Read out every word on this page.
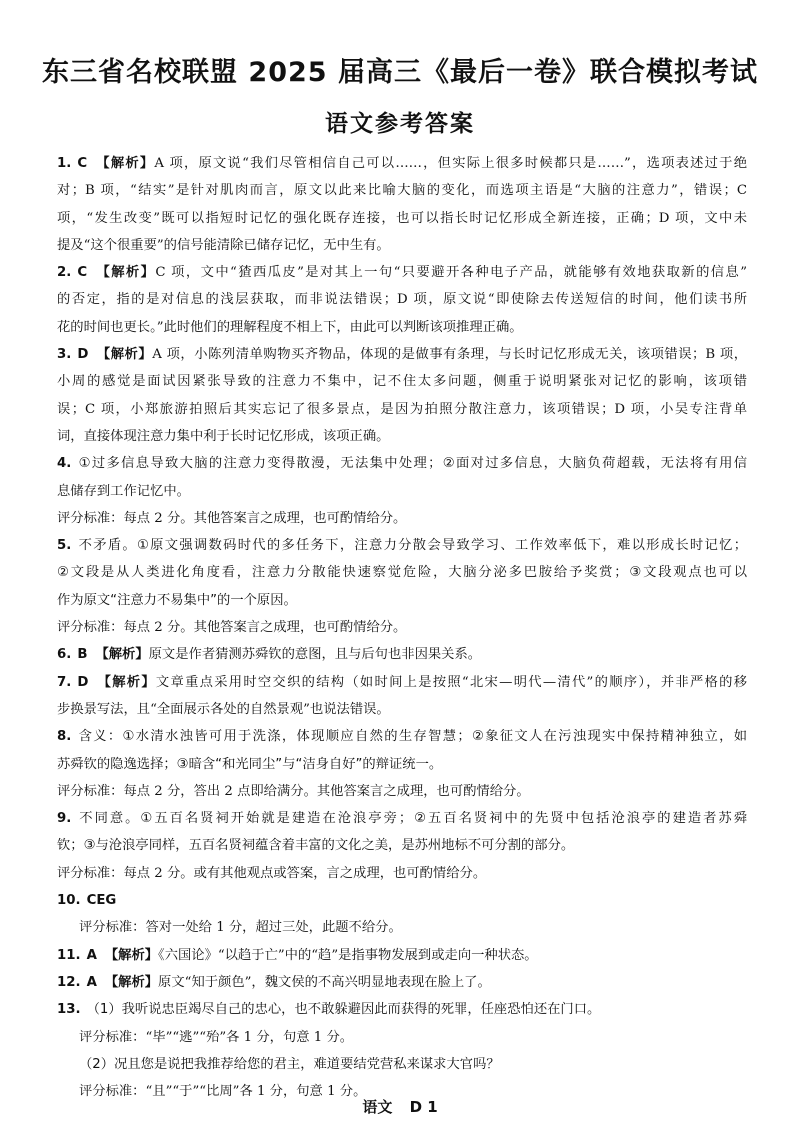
东三省名校联盟 2025 届高三《最后一卷》联合模拟考试
语文参考答案
1. C 【解析】A 项，原文说“我们尽管相信自己可以……，但实际上很多时候都只是……”，选项表述过于绝
对；B 项，“结实”是针对肌肉而言，原文以此来比喻大脑的变化，而选项主语是“大脑的注意力”，错误；C
项，“发生改变”既可以指短时记忆的强化既存连接，也可以指长时记忆形成全新连接，正确；D 项，文中未
提及“这个很重要”的信号能清除已储存记忆，无中生有。
2. C 【解析】C 项，文中“猹西瓜皮”是对其上一句“只要避开各种电子产品，就能够有效地获取新的信息”
的否定，指的是对信息的浅层获取，而非说法错误；D 项，原文说“即使除去传送短信的时间，他们读书所
花的时间也更长。”此时他们的理解程度不相上下，由此可以判断该项推理正确。
3. D 【解析】A 项，小陈列清单购物买齐物品，体现的是做事有条理，与长时记忆形成无关，该项错误；B 项，
小周的感觉是面试因紧张导致的注意力不集中，记不住太多问题，侧重于说明紧张对记忆的影响，该项错
误；C 项，小郑旅游拍照后其实忘记了很多景点，是因为拍照分散注意力，该项错误；D 项，小吴专注背单
词，直接体现注意力集中利于长时记忆形成，该项正确。
4. ①过多信息导致大脑的注意力变得散漫，无法集中处理；②面对过多信息，大脑负荷超载，无法将有用信
息储存到工作记忆中。
评分标准：每点 2 分。其他答案言之成理，也可酌情给分。
5. 不矛盾。①原文强调数码时代的多任务下，注意力分散会导致学习、工作效率低下，难以形成长时记忆；
②文段是从人类进化角度看，注意力分散能快速察觉危险，大脑分泌多巴胺给予奖赏；③文段观点也可以
作为原文“注意力不易集中”的一个原因。
评分标准：每点 2 分。其他答案言之成理，也可酌情给分。
6. B 【解析】原文是作者猜测苏舜钦的意图，且与后句也非因果关系。
7. D 【解析】文章重点采用时空交织的结构（如时间上是按照“北宋—明代—清代”的顺序），并非严格的移
步换景写法，且“全面展示各处的自然景观”也说法错误。
8. 含义：①水清水浊皆可用于洗涤，体现顺应自然的生存智慧；②象征文人在污浊现实中保持精神独立，如
苏舜钦的隐逸选择；③暗含“和光同尘”与“洁身自好”的辩证统一。
评分标准：每点 2 分，答出 2 点即给满分。其他答案言之成理，也可酌情给分。
9. 不同意。①五百名贤祠开始就是建造在沧浪亭旁；②五百名贤祠中的先贤中包括沧浪亭的建造者苏舜
钦；③与沧浪亭同样，五百名贤祠蕴含着丰富的文化之美，是苏州地标不可分割的部分。
评分标准：每点 2 分。或有其他观点或答案，言之成理，也可酌情给分。
10. CEG
评分标准：答对一处给 1 分，超过三处，此题不给分。
11. A 【解析】《六国论》“以趋于亡”中的“趋”是指事物发展到或走向一种状态。
12. A 【解析】原文“知于颜色”，魏文侯的不高兴明显地表现在脸上了。
13. （1）我听说忠臣竭尽自己的忠心，也不敢躲避因此而获得的死罪，任座恐怕还在门口。
评分标准：“毕”“逃”“殆”各 1 分，句意 1 分。
（2）况且您是说把我推荐给您的君主，难道要结党营私来谋求大官吗？
评分标准：“且”“于”“比周”各 1 分，句意 1 分。
语文 D 1
